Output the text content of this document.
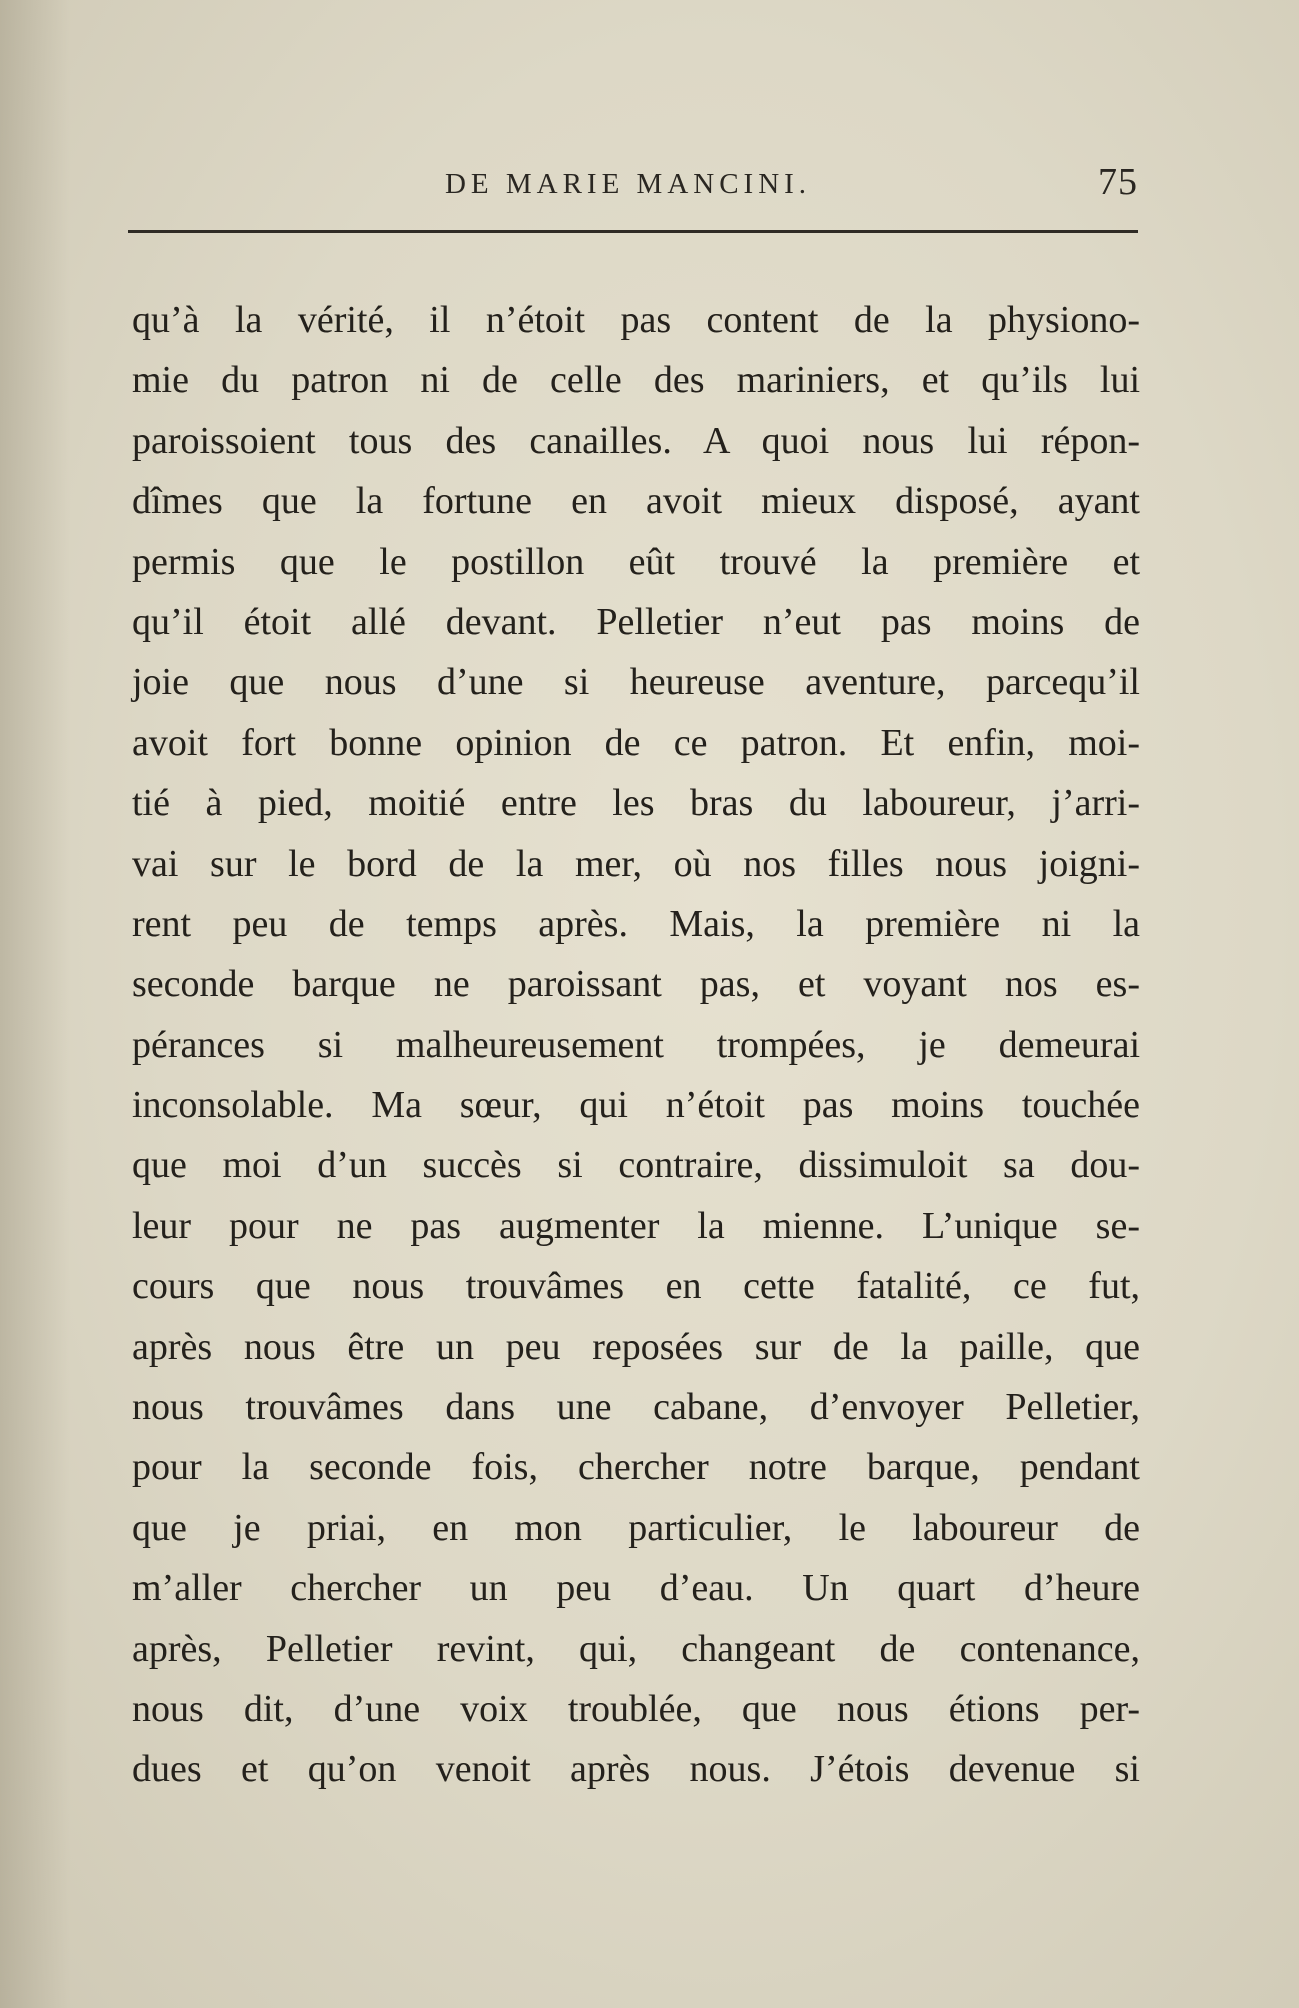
DE MARIE MANCINI.	75
qu’à la vérité, il n’étoit pas content de la physiono-
mie du patron ni de celle des mariniers, et qu’ils lui
paroissoient tous des canailles. A quoi nous lui répon-
dîmes que la fortune en avoit mieux disposé, ayant
permis que le postillon eût trouvé la première et
qu’il étoit allé devant. Pelletier n’eut pas moins de
joie que nous d’une si heureuse aventure, parcequ’il
avoit fort bonne opinion de ce patron. Et enfin, moi-
tié à pied, moitié entre les bras du laboureur, j’arri-
vai sur le bord de la mer, où nos filles nous joigni-
rent peu de temps après. Mais, la première ni la
seconde barque ne paroissant pas, et voyant nos es-
pérances si malheureusement trompées, je demeurai
inconsolable. Ma sœur, qui n’étoit pas moins touchée
que moi d’un succès si contraire, dissimuloit sa dou-
leur pour ne pas augmenter la mienne. L’unique se-
cours que nous trouvâmes en cette fatalité, ce fut,
après nous être un peu reposées sur de la paille, que
nous trouvâmes dans une cabane, d’envoyer Pelletier,
pour la seconde fois, chercher notre barque, pendant
que je priai, en mon particulier, le laboureur de
m’aller chercher un peu d’eau. Un quart d’heure
après, Pelletier revint, qui, changeant de contenance,
nous dit, d’une voix troublée, que nous étions per-
dues et qu’on venoit après nous. J’étois devenue si
